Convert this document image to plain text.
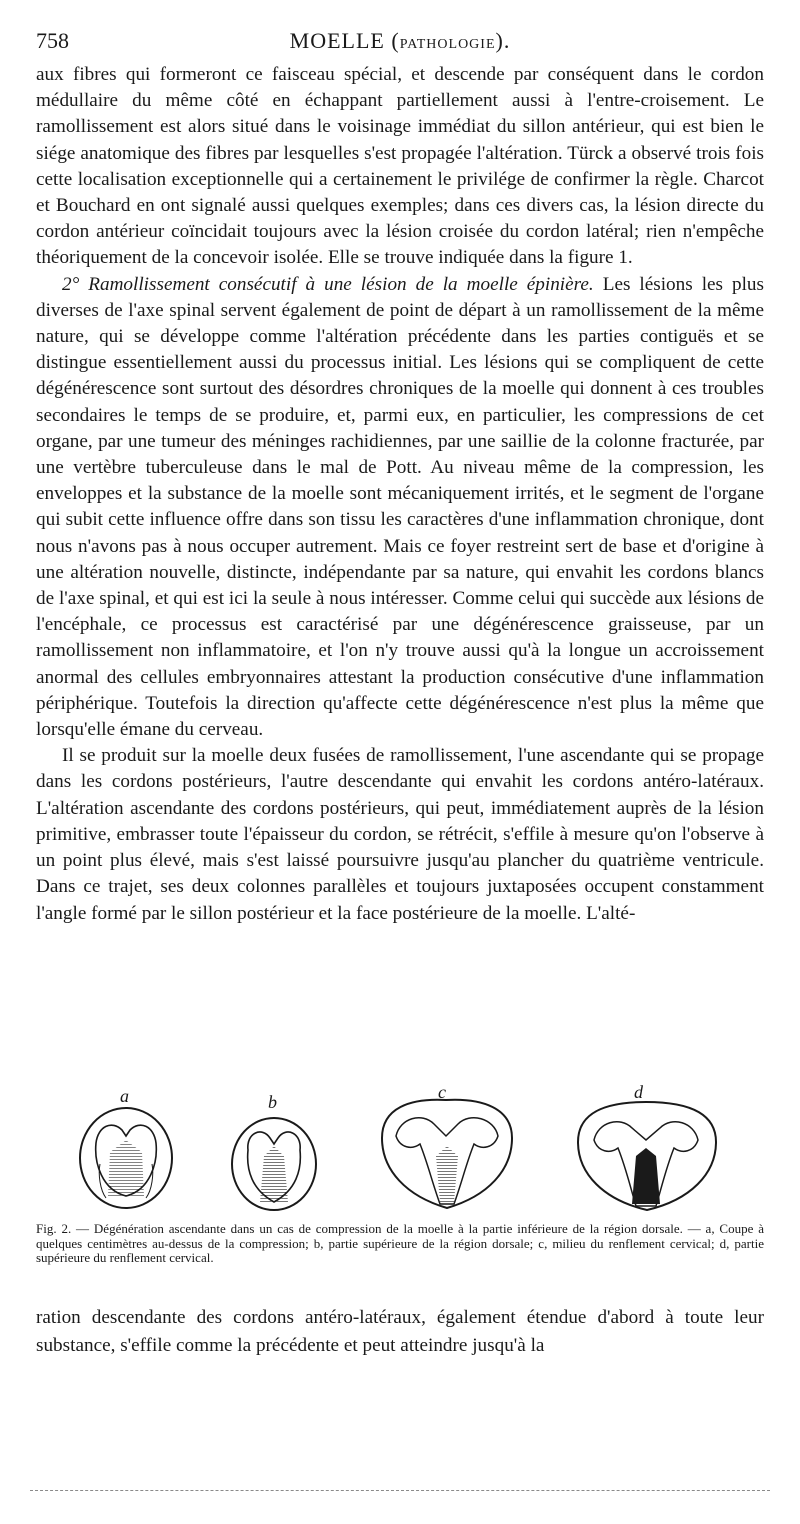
758	MOELLE (PATHOLOGIE).

aux fibres qui formeront ce faisceau spécial, et descende par conséquent dans le cordon médullaire du même côté en échappant partiellement aussi à l'entre-croisement. Le ramollissement est alors situé dans le voisinage immédiat du sillon antérieur, qui est bien le siége anatomique des fibres par lesquelles s'est propagée l'altération. Türck a observé trois fois cette localisation exceptionnelle qui a certainement le privilége de confirmer la règle. Charcot et Bouchard en ont signalé aussi quelques exemples; dans ces divers cas, la lésion directe du cordon antérieur coïncidait toujours avec la lésion croisée du cordon latéral; rien n'empêche théoriquement de la concevoir isolée. Elle se trouve indiquée dans la figure 1.

2° Ramollissement consécutif à une lésion de la moelle épinière. Les lésions les plus diverses de l'axe spinal servent également de point de départ à un ramollissement de la même nature, qui se développe comme l'altération précédente dans les parties contiguës et se distingue essentiellement aussi du processus initial. Les lésions qui se compliquent de cette dégénérescence sont surtout des désordres chroniques de la moelle qui donnent à ces troubles secondaires le temps de se produire, et, parmi eux, en particulier, les compressions de cet organe, par une tumeur des méninges rachidiennes, par une saillie de la colonne fracturée, par une vertèbre tuberculeuse dans le mal de Pott. Au niveau même de la compression, les enveloppes et la substance de la moelle sont mécaniquement irrités, et le segment de l'organe qui subit cette influence offre dans son tissu les caractères d'une inflammation chronique, dont nous n'avons pas à nous occuper autrement. Mais ce foyer restreint sert de base et d'origine à une altération nouvelle, distincte, indépendante par sa nature, qui envahit les cordons blancs de l'axe spinal, et qui est ici la seule à nous intéresser. Comme celui qui succède aux lésions de l'encéphale, ce processus est caractérisé par une dégénérescence graisseuse, par un ramollissement non inflammatoire, et l'on n'y trouve aussi qu'à la longue un accroissement anormal des cellules embryonnaires attestant la production consécutive d'une inflammation périphérique. Toutefois la direction qu'affecte cette dégénérescence n'est plus la même que lorsqu'elle émane du cerveau.

Il se produit sur la moelle deux fusées de ramollissement, l'une ascendante qui se propage dans les cordons postérieurs, l'autre descendante qui envahit les cordons antéro-latéraux. L'altération ascendante des cordons postérieurs, qui peut, immédiatement auprès de la lésion primitive, embrasser toute l'épaisseur du cordon, se rétrécit, s'effile à mesure qu'on l'observe à un point plus élevé, mais s'est laissé poursuivre jusqu'au plancher du quatrième ventricule. Dans ce trajet, ses deux colonnes parallèles et toujours juxtaposées occupent constamment l'angle formé par le sillon postérieur et la face postérieure de la moelle. L'alté-

a	b	c	d
Fig. 2. — Dégénération ascendante dans un cas de compression de la moelle à la partie inférieure de la région dorsale. — a, Coupe à quelques centimètres au-dessus de la compression; b, partie supérieure de la région dorsale; c, milieu du renflement cervical; d, partie supérieure du renflement cervical.

ration descendante des cordons antéro-latéraux, également étendue d'abord à toute leur substance, s'effile comme la précédente et peut atteindre jusqu'à la
